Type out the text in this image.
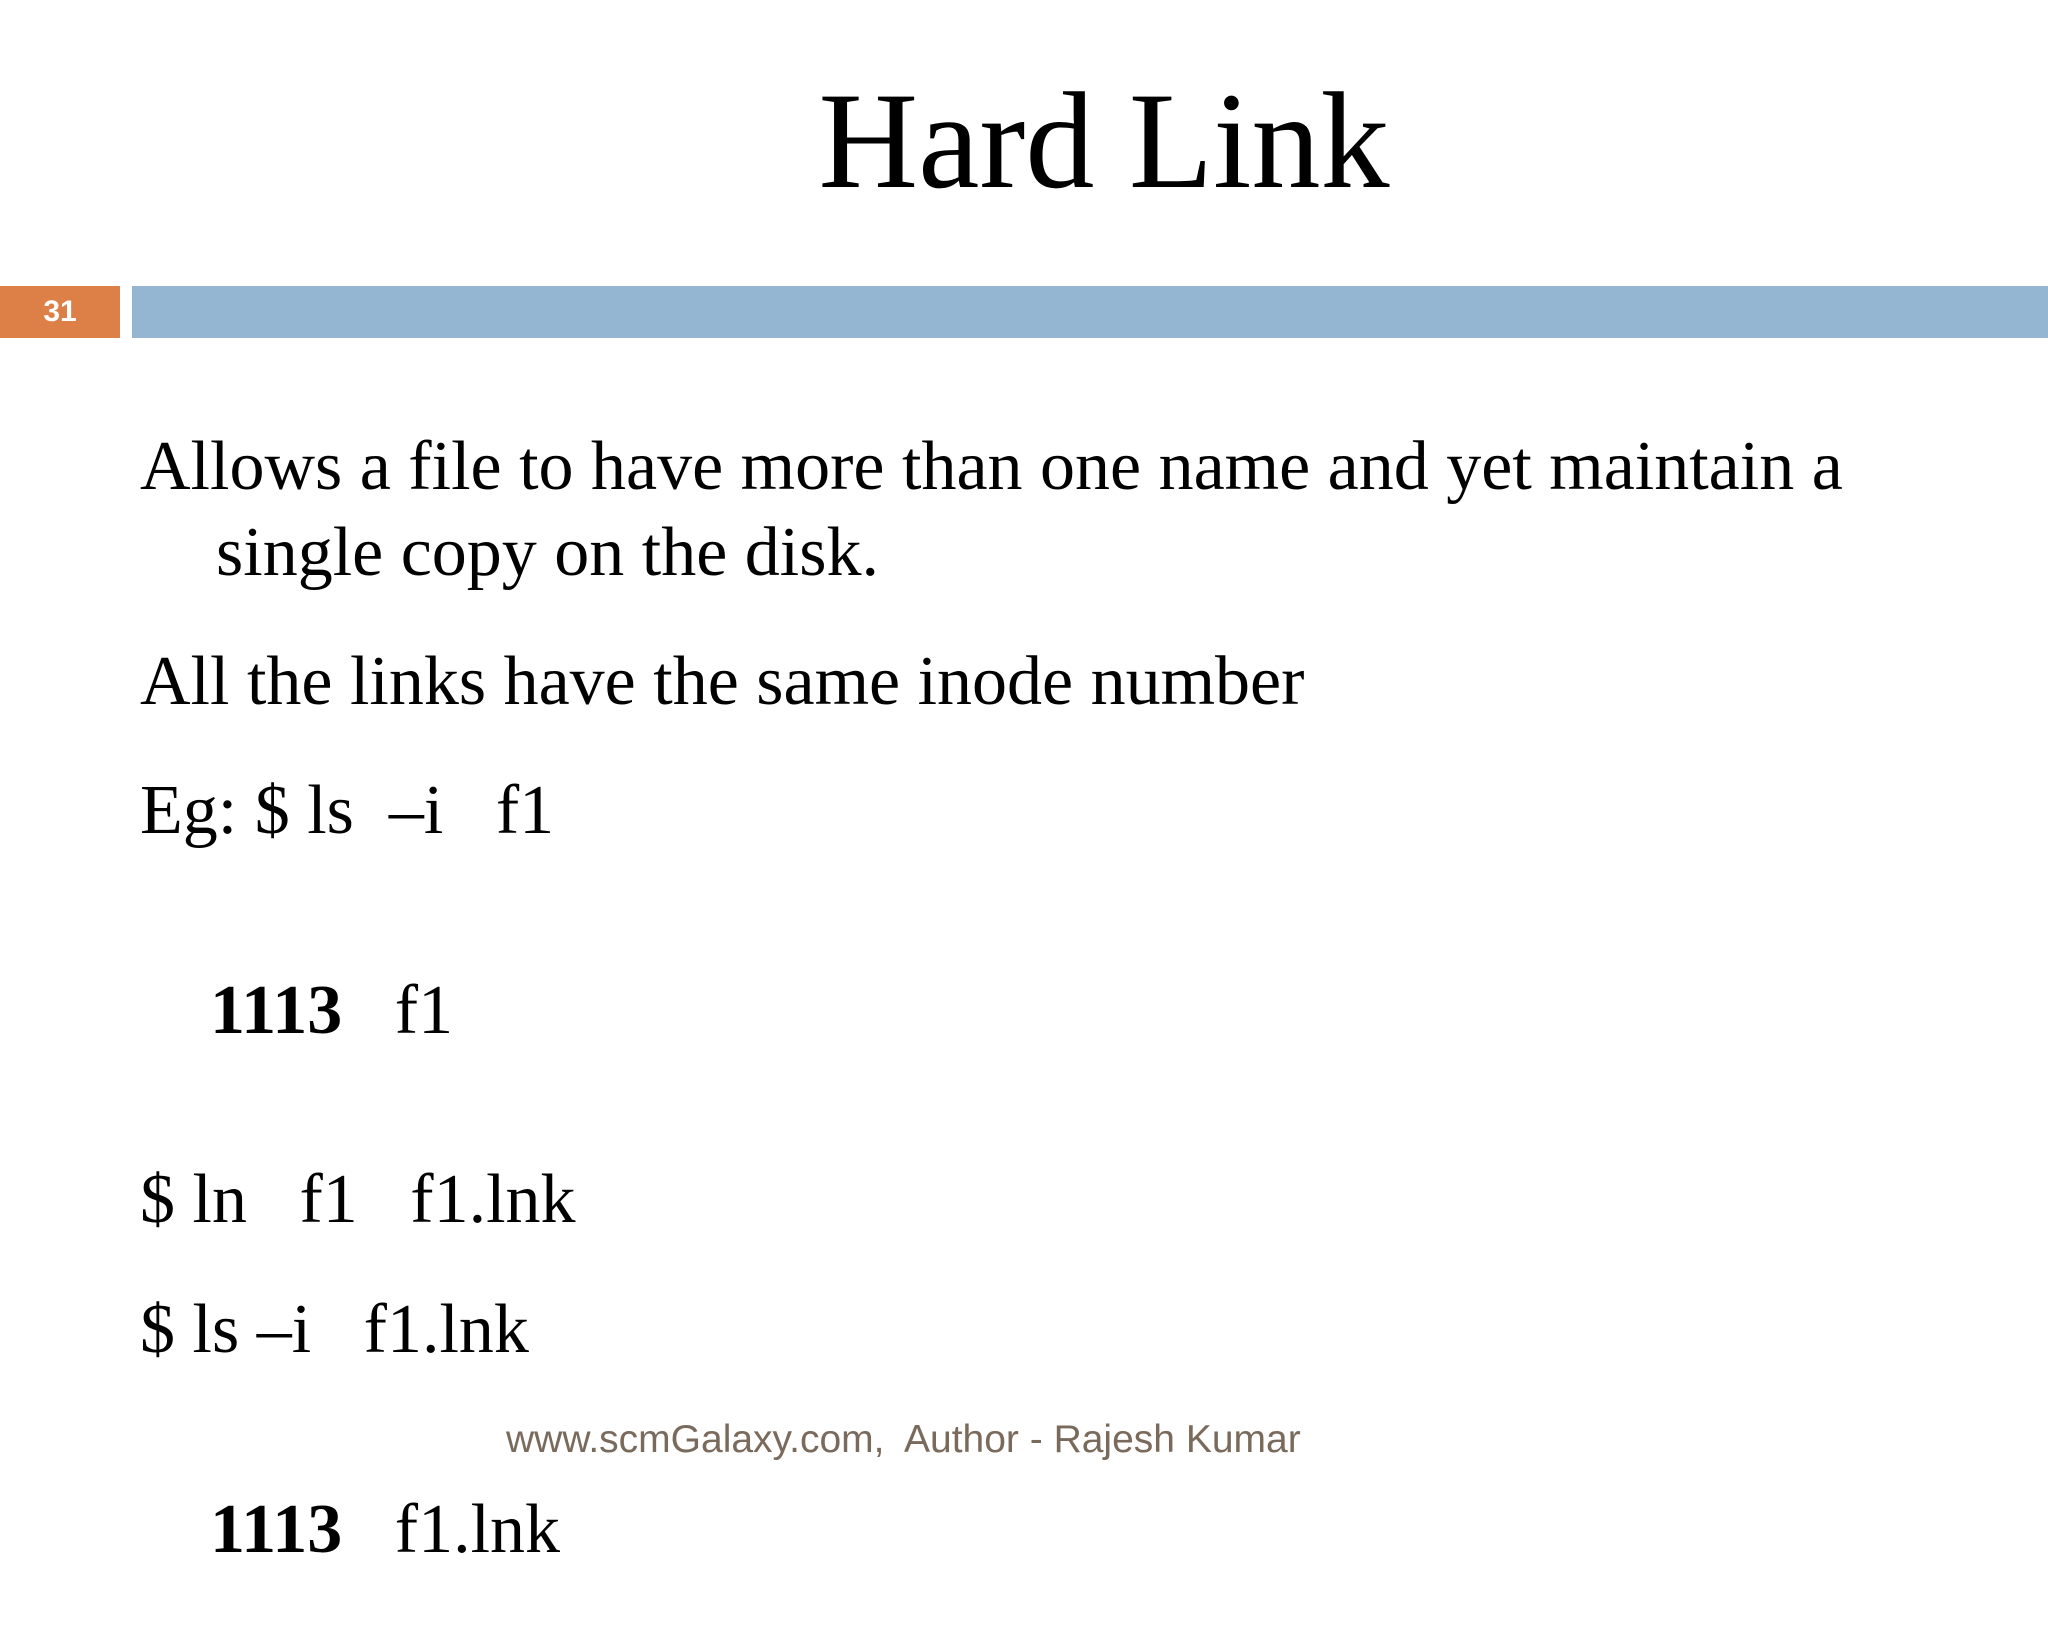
Hard Link
31
Allows a file to have more than one name and yet maintain a
single copy on the disk.
All the links have the same inode number
Eg: $ ls  –i   f1

1113   f1

$ ln   f1   f1.lnk
$ ls –i   f1.lnk

1113   f1.lnk

www.scmGalaxy.com,  Author - Rajesh Kumar
